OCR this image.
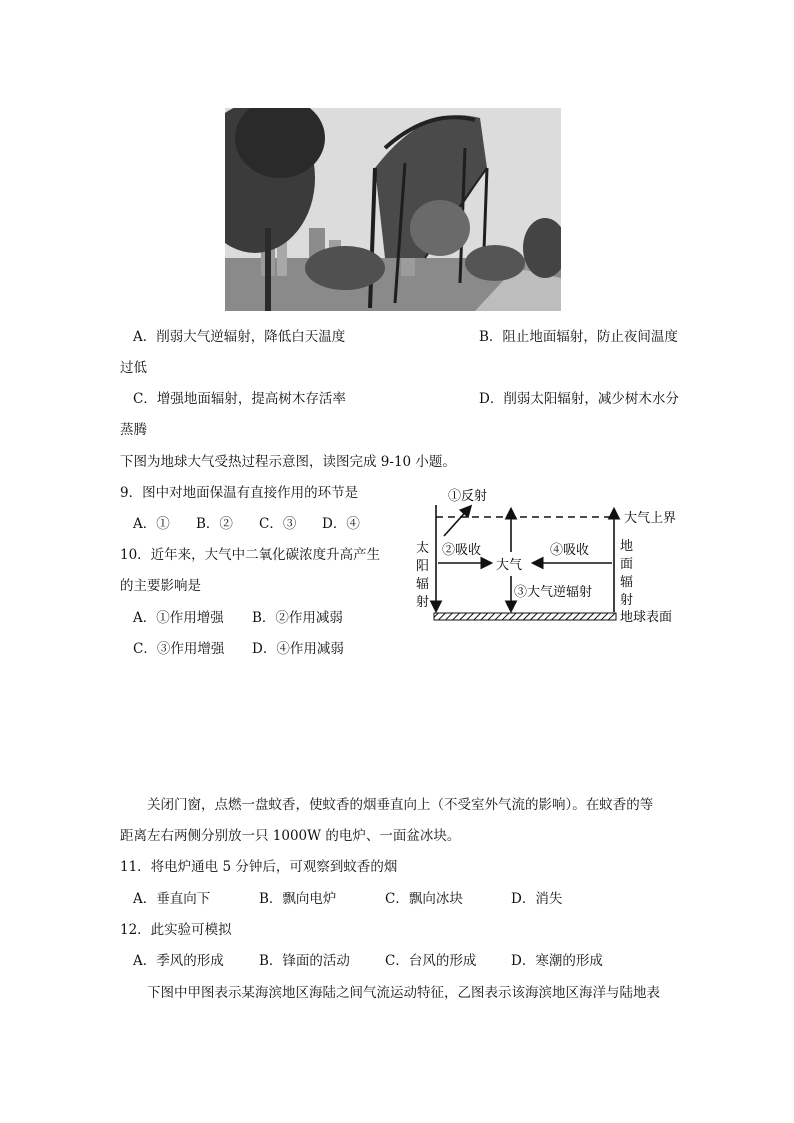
A．削弱大气逆辐射，降低白天温度	B．阻止地面辐射，防止夜间温度
过低
C．增强地面辐射，提高树木存活率	D．削弱太阳辐射，减少树木水分
蒸腾
下图为地球大气受热过程示意图，读图完成 9-10 小题。
9．图中对地面保温有直接作用的环节是
A．① B．② C．③ D．④
10．近年来，大气中二氧化碳浓度升高产生
的主要影响是
A．①作用增强 B．②作用减弱
C．③作用增强 D．④作用减弱
①反射
②吸收
大气
④吸收
③大气逆辐射
大气上界
地球表面
太
阳
辐
射
地
面
辐
射
关闭门窗，点燃一盘蚊香，使蚊香的烟垂直向上（不受室外气流的影响）。在蚊香的等
距离左右两侧分别放一只 1000W 的电炉、一面盆冰块。
11．将电炉通电 5 分钟后，可观察到蚊香的烟
A．垂直向下	B．飘向电炉	C．飘向冰块	D．消失
12．此实验可模拟
A．季风的形成	B．锋面的活动	C．台风的形成	D．寒潮的形成
下图中甲图表示某海滨地区海陆之间气流运动特征，乙图表示该海滨地区海洋与陆地表
